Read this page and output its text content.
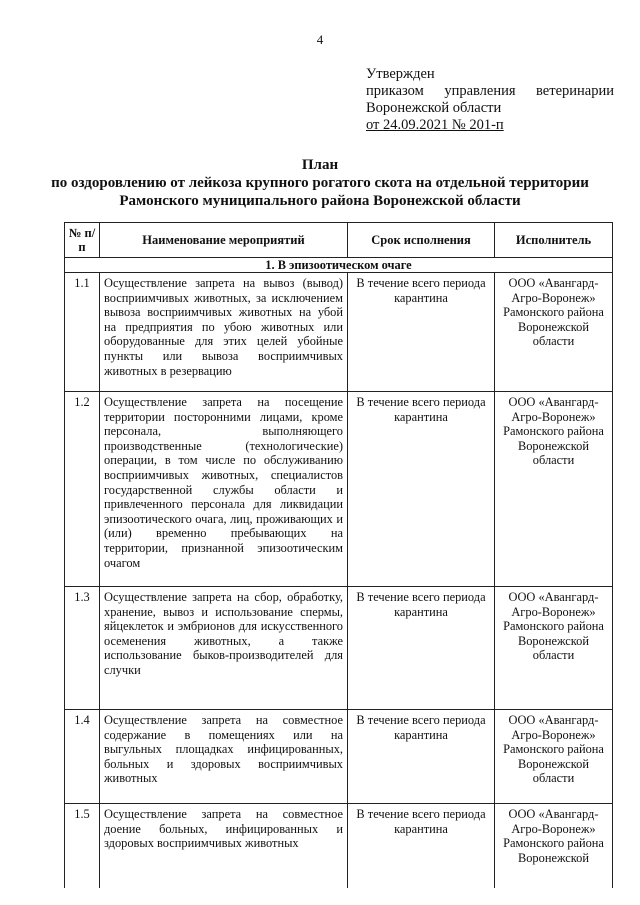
4
Утвержден
приказом управления ветеринарии
Воронежской области
от 24.09.2021 № 201-п
План
по оздоровлению от лейкоза крупного рогатого скота на отдельной территории
Рамонского муниципального района Воронежской области
№ п/п	Наименование мероприятий	Срок исполнения	Исполнитель
1. В эпизоотическом очаге			
1.1	Осуществление запрета на вывоз (вывод) восприимчивых животных, за исключением вывоза восприимчивых животных на убой на предприятия по убою животных или оборудованные для этих целей убойные пункты или вывоза восприимчивых животных в резервацию	В течение всего периода карантина	ООО «Авангард-Агро-Воронеж» Рамонского района Воронежской области
1.2	Осуществление запрета на посещение территории посторонними лицами, кроме персонала, выполняющего производственные (технологические) операции, в том числе по обслуживанию восприимчивых животных, специалистов государственной службы области и привлеченного персонала для ликвидации эпизоотического очага, лиц, проживающих и (или) временно пребывающих на территории, признанной эпизоотическим очагом	В течение всего периода карантина	ООО «Авангард-Агро-Воронеж» Рамонского района Воронежской области
1.3	Осуществление запрета на сбор, обработку, хранение, вывоз и использование спермы, яйцеклеток и эмбрионов для искусственного осеменения животных, а также использование быков-производителей для случки	В течение всего периода карантина	ООО «Авангард-Агро-Воронеж» Рамонского района Воронежской области
1.4	Осуществление запрета на совместное содержание в помещениях или на выгульных площадках инфицированных, больных и здоровых восприимчивых животных	В течение всего периода карантина	ООО «Авангард-Агро-Воронеж» Рамонского района Воронежской области
1.5	Осуществление запрета на совместное доение больных, инфицированных и здоровых восприимчивых животных	В течение всего периода карантина	ООО «Авангард-Агро-Воронеж» Рамонского района Воронежской
